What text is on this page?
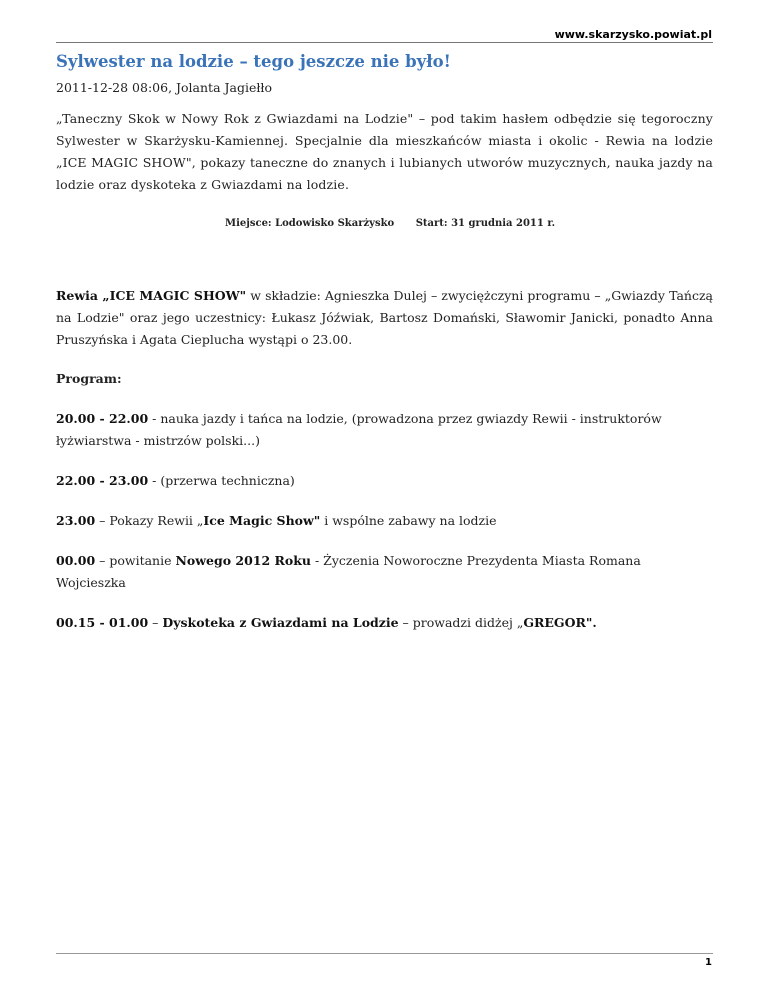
www.skarzysko.powiat.pl
Sylwester na lodzie – tego jeszcze nie było!
2011-12-28 08:06, Jolanta Jagiełło

„Taneczny Skok w Nowy Rok z Gwiazdami na Lodzie" – pod takim hasłem odbędzie się tegoroczny Sylwester w Skarżysku-Kamiennej. Specjalnie dla mieszkańców miasta i okolic - Rewia na lodzie „ICE MAGIC SHOW", pokazy taneczne do znanych i lubianych utworów muzycznych, nauka jazdy na lodzie oraz dyskoteka z Gwiazdami na lodzie.

Miejsce: Lodowisko Skarżysko Start: 31 grudnia 2011 r.

Rewia „ICE MAGIC SHOW" w składzie: Agnieszka Dulej – zwyciężczyni programu – „Gwiazdy Tańczą na Lodzie" oraz jego uczestnicy: Łukasz Jóźwiak, Bartosz Domański, Sławomir Janicki, ponadto Anna Pruszyńska i Agata Cieplucha wystąpi o 23.00.

Program:

20.00 - 22.00 - nauka jazdy i tańca na lodzie, (prowadzona przez gwiazdy Rewii - instruktorów łyżwiarstwa - mistrzów polski...)

22.00 - 23.00 - (przerwa techniczna)

23.00 – Pokazy Rewii „Ice Magic Show" i wspólne zabawy na lodzie

00.00 – powitanie Nowego 2012 Roku - Życzenia Noworoczne Prezydenta Miasta Romana Wojcieszka

00.15 - 01.00 – Dyskoteka z Gwiazdami na Lodzie – prowadzi didżej „GREGOR".

1
